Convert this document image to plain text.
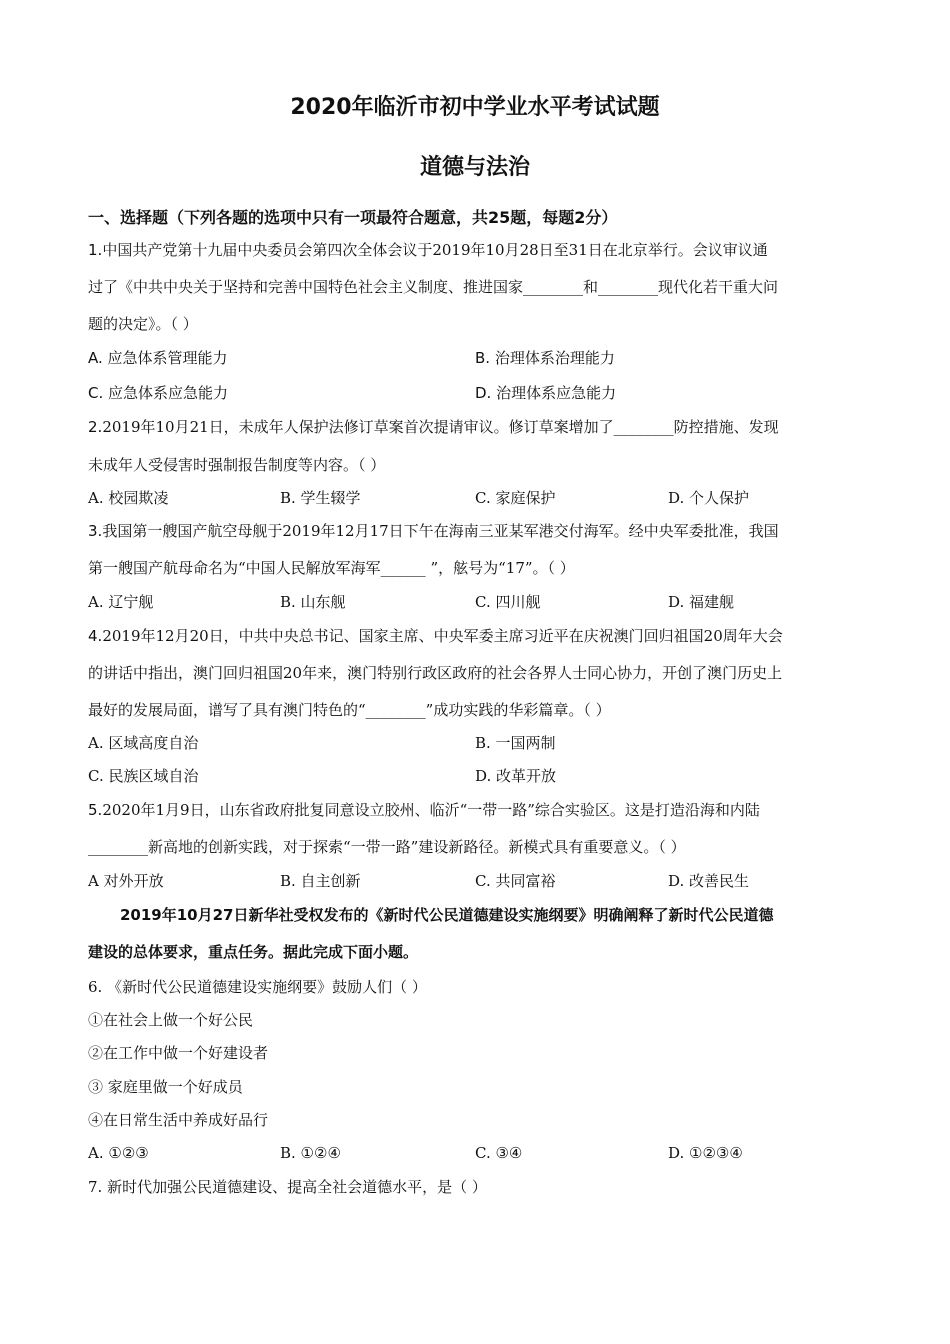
2020年临沂市初中学业水平考试试题
道德与法治
一、选择题（下列各题的选项中只有一项最符合题意，共25题，每题2分）
1.中国共产党第十九届中央委员会第四次全体会议于2019年10月28日至31日在北京举行。会议审议通
过了《中共中央关于坚持和完善中国特色社会主义制度、推进国家________和________现代化若干重大问
题的决定》。（ ）
A. 应急体系管理能力	B. 治理体系治理能力
C. 应急体系应急能力	D. 治理体系应急能力
2.2019年10月21日，未成年人保护法修订草案首次提请审议。修订草案增加了________防控措施、发现
未成年人受侵害时强制报告制度等内容。（ ）
A. 校园欺凌	B. 学生辍学	C. 家庭保护	D. 个人保护
3.我国第一艘国产航空母舰于2019年12月17日下午在海南三亚某军港交付海军。经中央军委批准，我国
第一艘国产航母命名为“中国人民解放军海军______ ”，舷号为“17”。（ ）
A. 辽宁舰	B. 山东舰	C. 四川舰	D. 福建舰
4.2019年12月20日，中共中央总书记、国家主席、中央军委主席习近平在庆祝澳门回归祖国20周年大会
的讲话中指出，澳门回归祖国20年来，澳门特别行政区政府的社会各界人士同心协力，开创了澳门历史上
最好的发展局面，谱写了具有澳门特色的“________”成功实践的华彩篇章。（ ）
A. 区域高度自治	B. 一国两制
C. 民族区域自治	D. 改革开放
5.2020年1月9日，山东省政府批复同意设立胶州、临沂“一带一路”综合实验区。这是打造沿海和内陆
________新高地的创新实践，对于探索“一带一路”建设新路径。新模式具有重要意义。（ ）
A 对外开放	B. 自主创新	C. 共同富裕	D. 改善民生
2019年10月27日新华社受权发布的《新时代公民道德建设实施纲要》明确阐释了新时代公民道德
建设的总体要求，重点任务。据此完成下面小题。
6. 《新时代公民道德建设实施纲要》鼓励人们（ ）
①在社会上做一个好公民
②在工作中做一个好建设者
③ 家庭里做一个好成员
④在日常生活中养成好品行
A. ①②③	B. ①②④	C. ③④	D. ①②③④
7. 新时代加强公民道德建设、提高全社会道德水平，是（ ）
